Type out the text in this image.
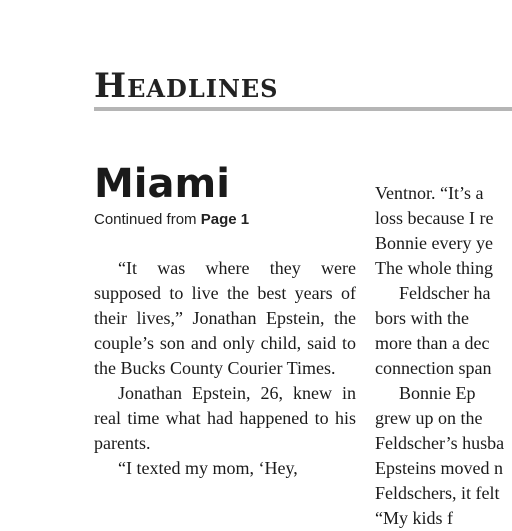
Headlines
Miami

Continued from Page 1

“It was where they were supposed to live the best years of their lives,” Jonathan Epstein, the couple’s son and only child, said to the Bucks County Courier Times.

Jonathan Epstein, 26, knew in real time what had happened to his parents.

“I texted my mom, ‘Hey,

Ventnor. “It’s a
loss because I re
Bonnie every ye
The whole thing
Feldscher ha
bors with the
more than a dec
connection span
Bonnie Ep
grew up on the
Feldscher’s husba
Epsteins moved n
Feldschers, it felt
“My kids f
